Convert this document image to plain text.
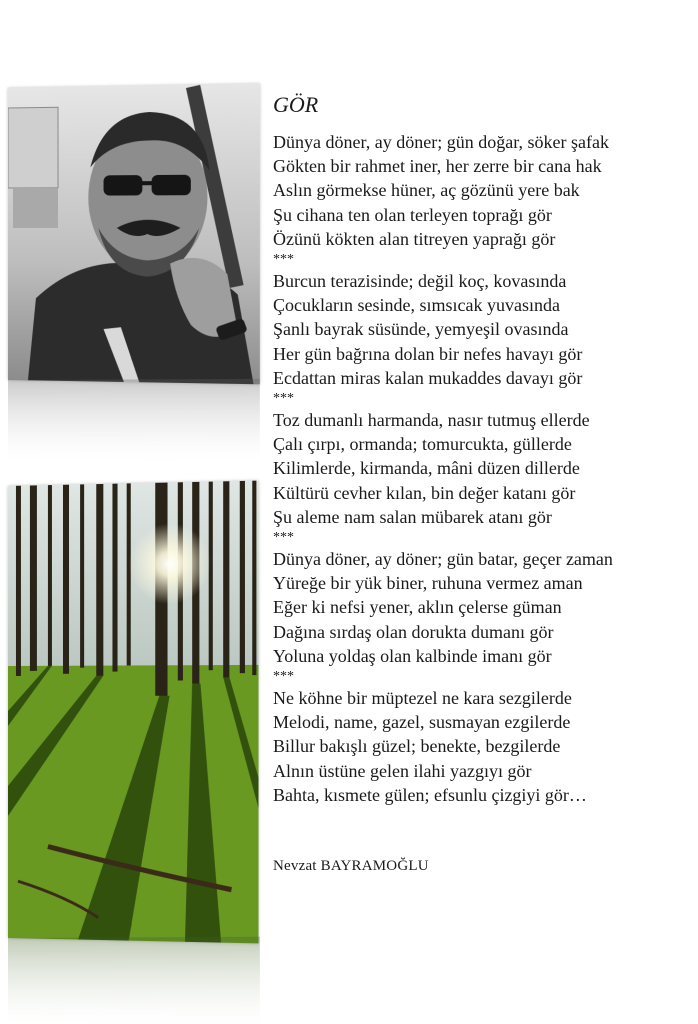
GÖR
Dünya döner, ay döner; gün doğar, söker şafak
Gökten bir rahmet iner, her zerre bir cana hak
Aslın görmekse hüner, aç gözünü yere bak
Şu cihana ten olan terleyen toprağı gör
Özünü kökten alan titreyen yaprağı gör
***
Burcun terazisinde; değil koç, kovasında
Çocukların sesinde, sımsıcak yuvasında
Şanlı bayrak süsünde, yemyeşil ovasında
Her gün bağrına dolan bir nefes havayı gör
Ecdattan miras kalan mukaddes davayı gör
***
Toz dumanlı harmanda, nasır tutmuş ellerde
Çalı çırpı, ormanda; tomurcukta, güllerde
Kilimlerde, kirmanda, mâni düzen dillerde
Kültürü cevher kılan, bin değer katanı gör
Şu aleme nam salan mübarek atanı gör
***
Dünya döner, ay döner; gün batar, geçer zaman
Yüreğe bir yük biner, ruhuna vermez aman
Eğer ki nefsi yener, aklın çelerse güman
Dağına sırdaş olan dorukta dumanı gör
Yoluna yoldaş olan kalbinde imanı gör
***
Ne köhne bir müptezel ne kara sezgilerde
Melodi, name, gazel, susmayan ezgilerde
Billur bakışlı güzel; benekte, bezgilerde
Alnın üstüne gelen ilahi yazgıyı gör
Bahta, kısmete gülen; efsunlu çizgiyi gör…
Nevzat BAYRAMOĞLU
